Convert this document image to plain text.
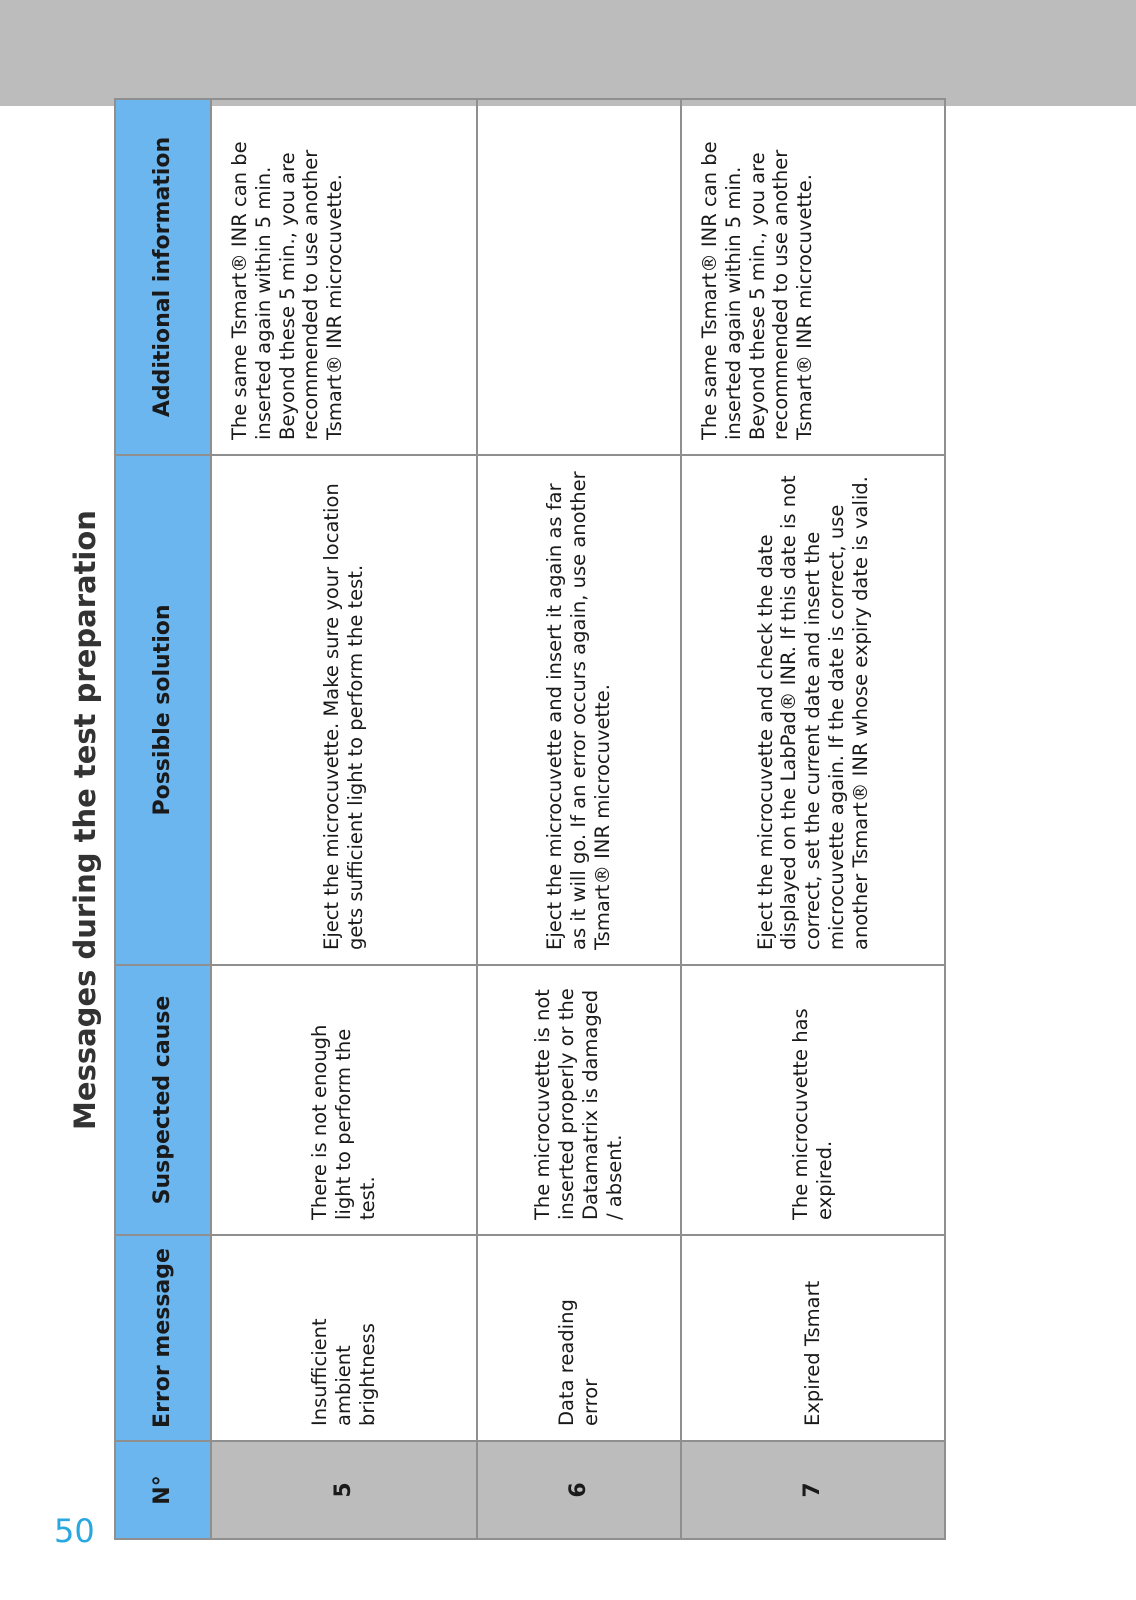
50
Messages during the test preparation
N°	Error message	Suspected cause	Possible solution	Additional information
5	Insufficient ambient brightness	There is not enough light to perform the test.	Eject the microcuvette. Make sure your location gets sufficient light to perform the test.	The same Tsmart® INR can be inserted again within 5 min. Beyond these 5 min., you are recommended to use another Tsmart® INR microcuvette.
6	Data reading error	The microcuvette is not inserted properly or the Datamatrix is damaged / absent.	Eject the microcuvette and insert it again as far as it will go. If an error occurs again, use another Tsmart® INR microcuvette.	
7	Expired Tsmart	The microcuvette has expired.	Eject the microcuvette and check the date displayed on the LabPad® INR. If this date is not correct, set the current date and insert the microcuvette again. If the date is correct, use another Tsmart® INR whose expiry date is valid.	The same Tsmart® INR can be inserted again within 5 min. Beyond these 5 min., you are recommended to use another Tsmart® INR microcuvette.
